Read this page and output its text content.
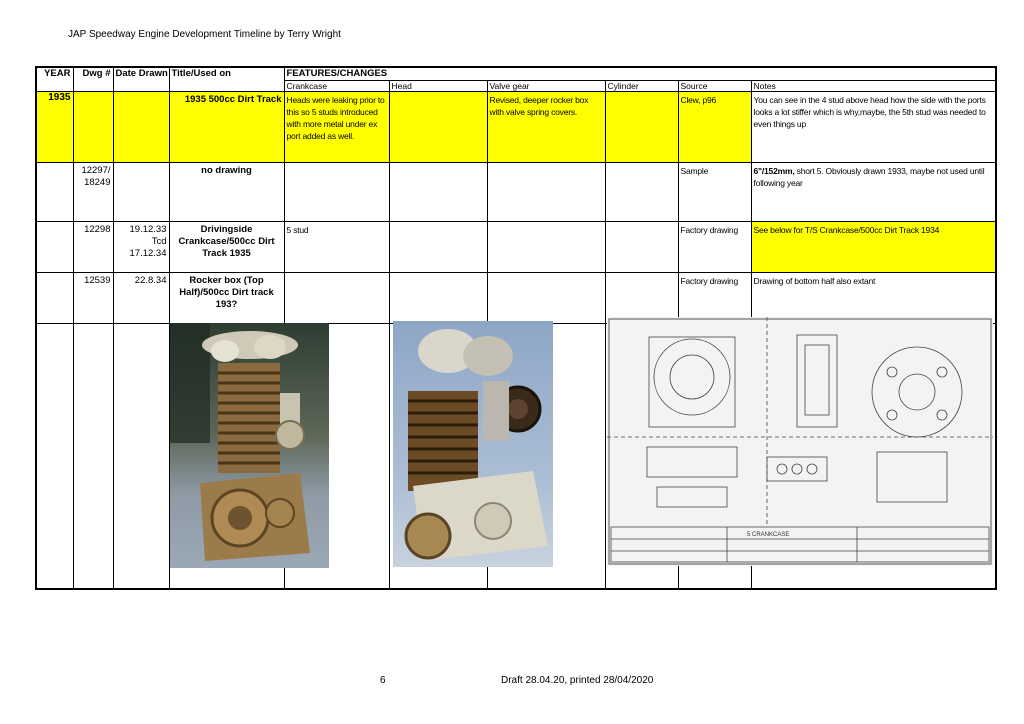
JAP Speedway Engine Development Timeline by Terry Wright
YEAR	Dwg #	Date Drawn	Title/Used on	FEATURES/CHANGES					
				Crankcase	Head	Valve gear	Cylinder	Source	Notes
1935			1935 500cc Dirt Track	Heads were leaking prior to this so 5 studs introduced with more metal under ex port added as well.		Revised, deeper rocker box with valve spring covers.		Clew, p96	You can see in the 4 stud above head how the side with the ports looks a lot stiffer which is why,maybe, the 5th stud was needed to even things up
	12297/ 18249		no drawing					Sample	6"/152mm, short 5. Obviously drawn 1933, maybe not used until following year
	12298	19.12.33 Tcd 17.12.34	Drivingside Crankcase/500cc Dirt Track 1935	5 stud				Factory drawing	See below for T/S Crankcase/500cc Dirt Track 1934
	12539	22.8.34	Rocker box (Top Half)/500cc Dirt track 193?					Factory drawing	Drawing of bottom half also extant

5 CRANKCASE
6	Draft 28.04.20, printed 28/04/2020
